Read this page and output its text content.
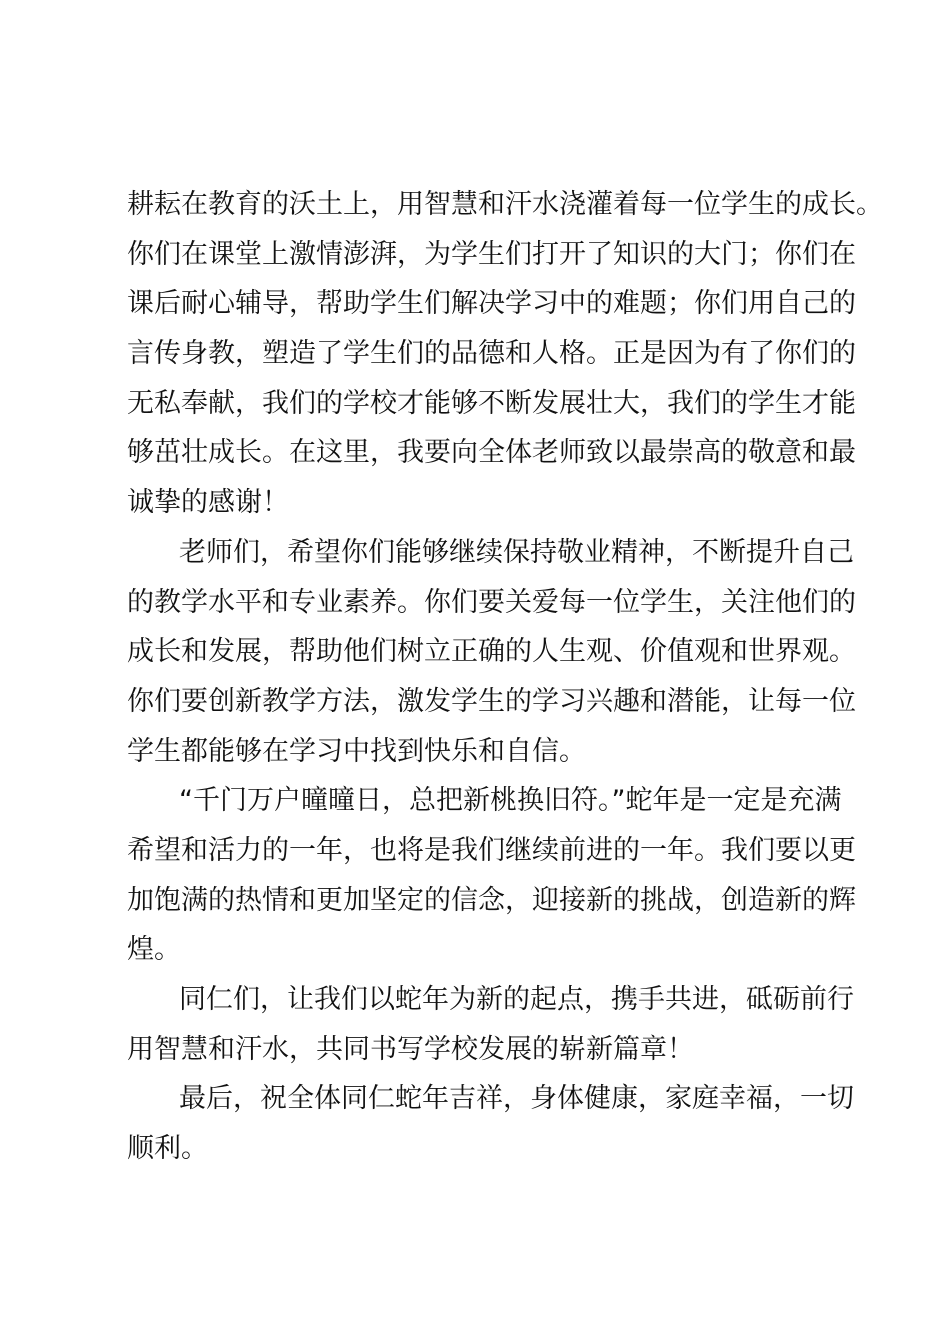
耕耘在教育的沃土上，用智慧和汗水浇灌着每一位学生的成长。
你们在课堂上激情澎湃，为学生们打开了知识的大门；你们在
课后耐心辅导，帮助学生们解决学习中的难题；你们用自己的
言传身教，塑造了学生们的品德和人格。正是因为有了你们的
无私奉献，我们的学校才能够不断发展壮大，我们的学生才能
够茁壮成长。在这里，我要向全体老师致以最崇高的敬意和最
诚挚的感谢！

老师们，希望你们能够继续保持敬业精神，不断提升自己
的教学水平和专业素养。你们要关爱每一位学生，关注他们的
成长和发展，帮助他们树立正确的人生观、价值观和世界观。
你们要创新教学方法，激发学生的学习兴趣和潜能，让每一位
学生都能够在学习中找到快乐和自信。

“千门万户曈曈日，总把新桃换旧符。”蛇年是一定是充满
希望和活力的一年，也将是我们继续前进的一年。我们要以更
加饱满的热情和更加坚定的信念，迎接新的挑战，创造新的辉
煌。

同仁们，让我们以蛇年为新的起点，携手共进，砥砺前行
用智慧和汗水，共同书写学校发展的崭新篇章！

最后，祝全体同仁蛇年吉祥，身体健康，家庭幸福，一切
顺利。
